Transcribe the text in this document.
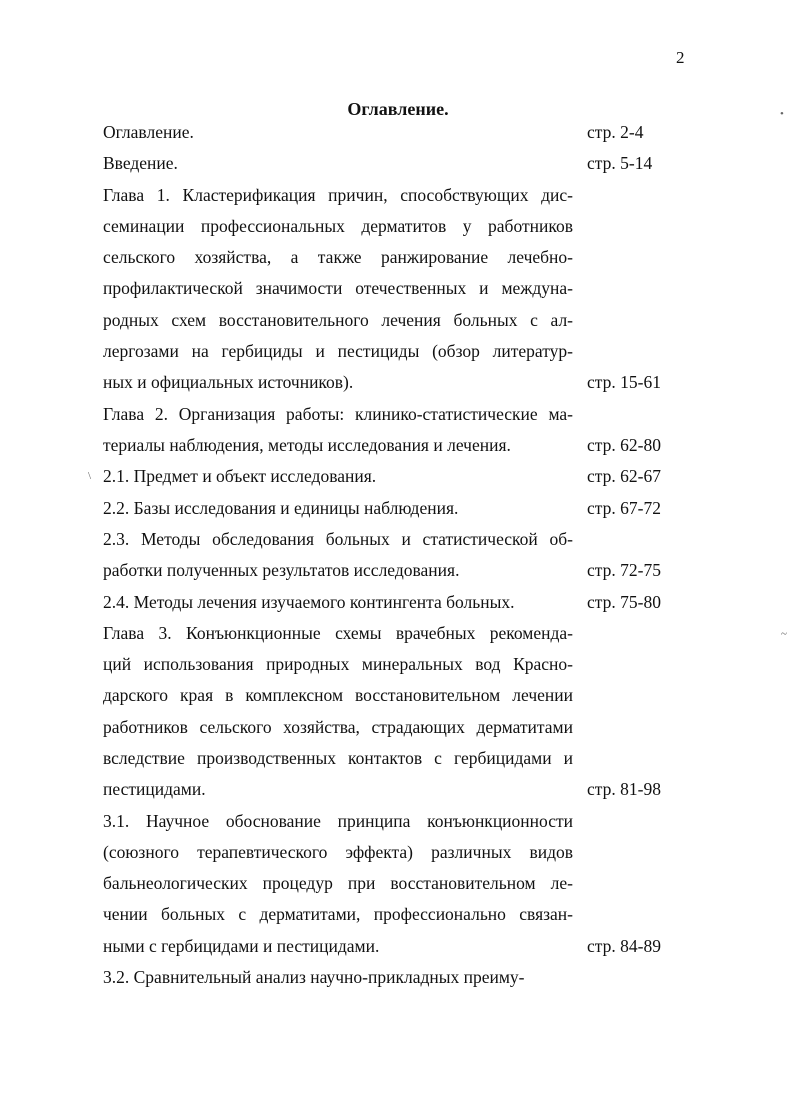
2
Оглавление.
Оглавление.	стр. 2-4
Введение.	стр. 5-14
Глава 1. Кластерификация причин, способствующих дис-
семинации профессиональных дерматитов у работников
сельского хозяйства, а также ранжирование лечебно-
профилактической значимости отечественных и междуна-
родных схем восстановительного лечения больных с ал-
лергозами на гербициды и пестициды (обзор литератур-
ных и официальных источников).	стр. 15-61
Глава 2. Организация работы: клинико-статистические ма-
териалы наблюдения, методы исследования и лечения.	стр. 62-80
2.1. Предмет и объект исследования.	стр. 62-67
2.2. Базы исследования и единицы наблюдения.	стр. 67-72
2.3. Методы обследования больных и статистической об-
работки полученных результатов исследования.	стр. 72-75
2.4. Методы лечения изучаемого контингента больных.	стр. 75-80
Глава 3. Конъюнкционные схемы врачебных рекоменда-
ций использования природных минеральных вод Красно-
дарского края в комплексном восстановительном лечении
работников сельского хозяйства, страдающих дерматитами
вследствие производственных контактов с гербицидами и
пестицидами.	стр. 81-98
3.1. Научное обоснование принципа конъюнкционности
(союзного терапевтического эффекта) различных видов
бальнеологических процедур при восстановительном ле-
чении больных с дерматитами, профессионально связан-
ными с гербицидами и пестицидами.	стр. 84-89
3.2. Сравнительный анализ научно-прикладных преиму-
\
•
~
